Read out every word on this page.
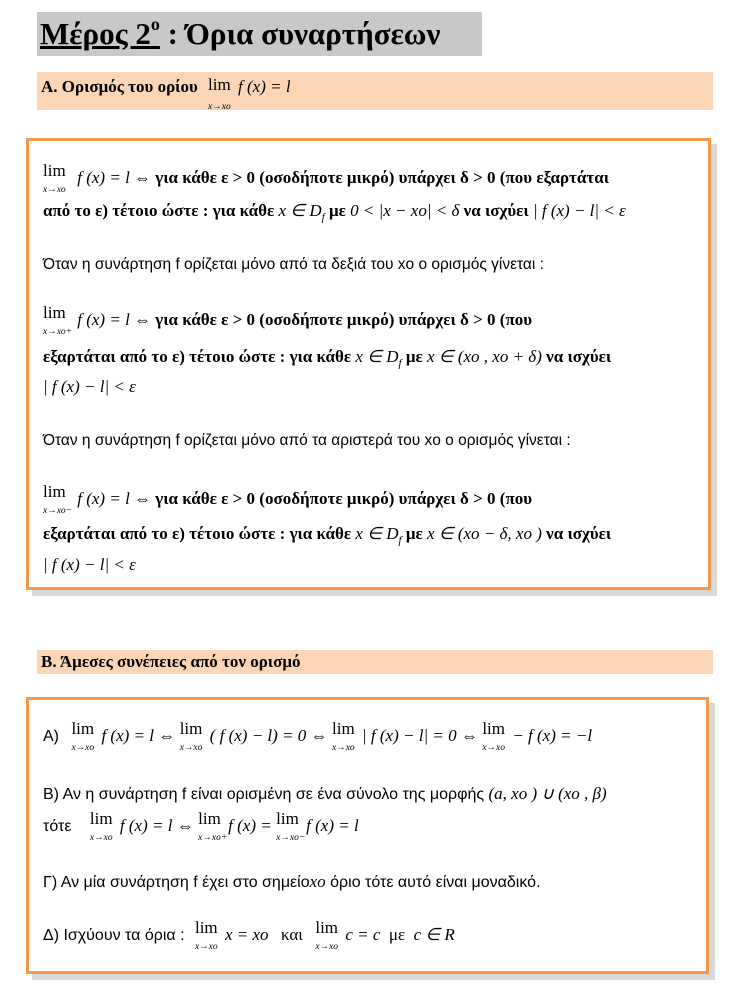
Μέρος $2^o$ : Όρια συναρτήσεων
Α. Ορισμός του ορίου lim
x→xo
f (x) = l
lim
x→xo
f (x) = l ⇔ για κάθε ε > 0 (οσοδήποτε μικρό) υπάρχει δ > 0 (που εξαρτάται
από το ε) τέτοιο ώστε : για κάθε x ∈ $D_f$ με 0 < |x − xo| < δ να ισχύει | f (x) − l| < ε
Όταν η συνάρτηση f ορίζεται μόνο από τα δεξιά του xo ο ορισμός γίνεται :
lim
x→xo+
f (x) = l ⇔ για κάθε ε > 0 (οσοδήποτε μικρό) υπάρχει δ > 0 (που
εξαρτάται από το ε) τέτοιο ώστε : για κάθε x ∈ $D_f$ με x ∈ (xo , xo + δ) να ισχύει
| f (x) − l| < ε
Όταν η συνάρτηση f ορίζεται μόνο από τα αριστερά του xo ο ορισμός γίνεται :
lim
x→xo−
f (x) = l ⇔ για κάθε ε > 0 (οσοδήποτε μικρό) υπάρχει δ > 0 (που
εξαρτάται από το ε) τέτοιο ώστε : για κάθε x ∈ $D_f$ με x ∈ (xo − δ, xo ) να ισχύει
| f (x) − l| < ε
Β. Άμεσες συνέπειες από τον ορισμό
Α) lim
x→xo
f (x) = l ⇔ lim
x→xo
( f (x) − l) = 0 ⇔ lim
x→xo
| f (x) − l| = 0 ⇔ lim
x→xo
− f (x) = −l
Β) Αν η συνάρτηση f είναι ορισμένη σε ένα σύνολο της μορφής (a, xo ) ∪ (xo , β)
τότε lim
x→xo
f (x) = l ⇔ lim
x→xo+
f (x) = lim
x→xo−
f (x) = l
Γ) Αν μία συνάρτηση f έχει στο σημείοxo όριο τότε αυτό είναι μοναδικό.
Δ) Ισχύουν τα όρια : lim
x→xo
x = xo και lim
x→xo
c = c με c ∈ R
